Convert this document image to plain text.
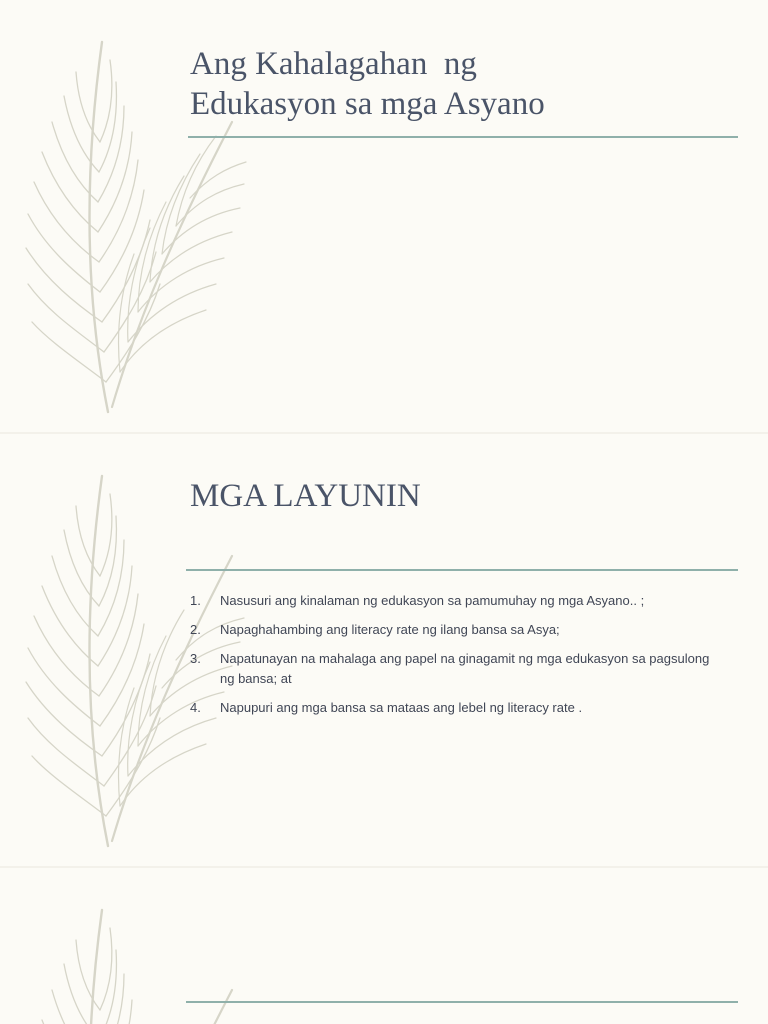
Ang Kahalagahan  ng
Edukasyon sa mga Asyano
MGA LAYUNIN
1.	Nasusuri ang kinalaman ng edukasyon sa pamumuhay ng mga Asyano.. ;
2.	Napaghahambing ang literacy rate ng ilang bansa sa Asya;
3.	Napatunayan na mahalaga ang papel na ginagamit ng mga edukasyon sa pagsulong ng bansa; at
4.	Napupuri ang mga bansa sa mataas ang lebel ng literacy rate .
